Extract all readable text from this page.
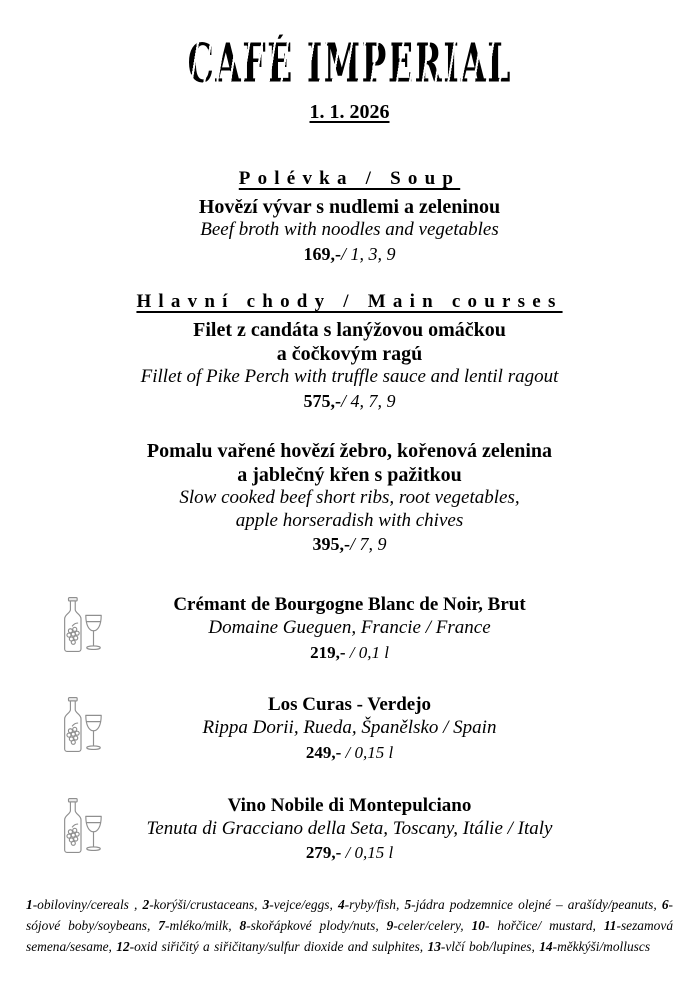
CAFÉ IMPERIAL
1. 1. 2026
Polévka / Soup
Hovězí vývar s nudlemi a zeleninou
Beef broth with noodles and vegetables
169,-/ 1, 3, 9
Hlavní chody / Main courses
Filet z candáta s lanýžovou omáčkou
a čočkovým ragú
Fillet of Pike Perch with truffle sauce and lentil ragout
575,-/ 4, 7, 9
Pomalu vařené hovězí žebro, kořenová zelenina
a jablečný křen s pažitkou
Slow cooked beef short ribs, root vegetables,
apple horseradish with chives
395,-/ 7, 9
Crémant de Bourgogne Blanc de Noir, Brut
Domaine Gueguen, Francie / France
219,- / 0,1 l
Los Curas - Verdejo
Rippa Dorii, Rueda, Španělsko / Spain
249,- / 0,15 l
Vino Nobile di Montepulciano
Tenuta di Gracciano della Seta, Toscany, Itálie / Italy
279,- / 0,15 l
1-obiloviny/cereals , 2-korýši/crustaceans, 3-vejce/eggs, 4-ryby/fish, 5-jádra podzemnice olejné – arašídy/peanuts, 6-sójové boby/soybeans, 7-mléko/milk, 8-skořápkové plody/nuts, 9-celer/celery, 10- hořčice/ mustard, 11-sezamová semena/sesame, 12-oxid siřičitý a siřičitany/sulfur dioxide and sulphites, 13-vlčí bob/lupines, 14-měkkýši/molluscs
